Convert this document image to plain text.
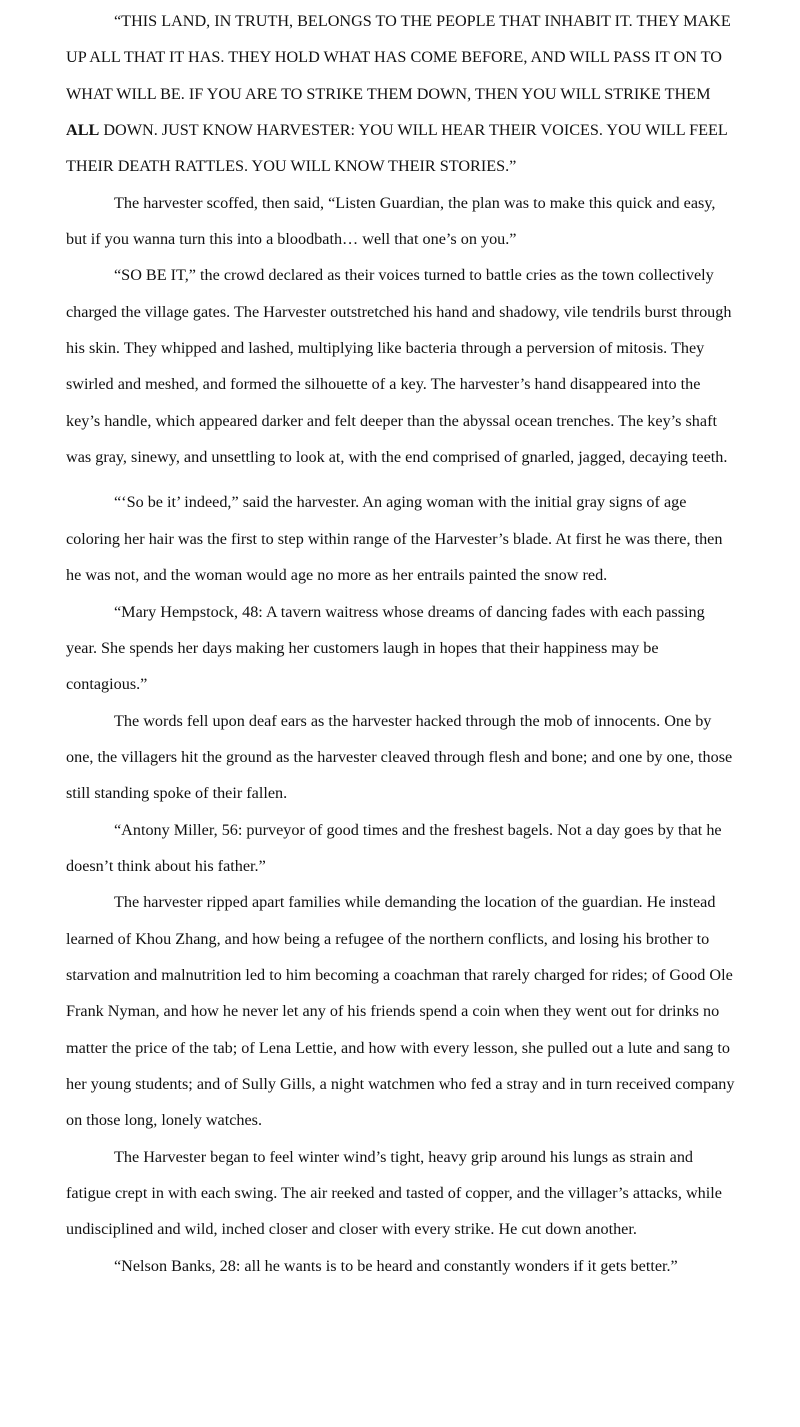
“THIS LAND, IN TRUTH, BELONGS TO THE PEOPLE THAT INHABIT IT. THEY MAKE UP ALL THAT IT HAS. THEY HOLD WHAT HAS COME BEFORE, AND WILL PASS IT ON TO WHAT WILL BE. IF YOU ARE TO STRIKE THEM DOWN, THEN YOU WILL STRIKE THEM ALL DOWN. JUST KNOW HARVESTER: YOU WILL HEAR THEIR VOICES. YOU WILL FEEL THEIR DEATH RATTLES. YOU WILL KNOW THEIR STORIES.”

The harvester scoffed, then said, “Listen Guardian, the plan was to make this quick and easy, but if you wanna turn this into a bloodbath… well that one’s on you.”

“SO BE IT,” the crowd declared as their voices turned to battle cries as the town collectively charged the village gates. The Harvester outstretched his hand and shadowy, vile tendrils burst through his skin. They whipped and lashed, multiplying like bacteria through a perversion of mitosis. They swirled and meshed, and formed the silhouette of a key. The harvester’s hand disappeared into the key’s handle, which appeared darker and felt deeper than the abyssal ocean trenches. The key’s shaft was gray, sinewy, and unsettling to look at, with the end comprised of gnarled, jagged, decaying teeth.

“‘So be it’ indeed,” said the harvester. An aging woman with the initial gray signs of age coloring her hair was the first to step within range of the Harvester’s blade. At first he was there, then he was not, and the woman would age no more as her entrails painted the snow red.

“Mary Hempstock, 48: A tavern waitress whose dreams of dancing fades with each passing year. She spends her days making her customers laugh in hopes that their happiness may be contagious.”

The words fell upon deaf ears as the harvester hacked through the mob of innocents. One by one, the villagers hit the ground as the harvester cleaved through flesh and bone; and one by one, those still standing spoke of their fallen.

“Antony Miller, 56: purveyor of good times and the freshest bagels. Not a day goes by that he doesn’t think about his father.”

The harvester ripped apart families while demanding the location of the guardian. He instead learned of Khou Zhang, and how being a refugee of the northern conflicts, and losing his brother to starvation and malnutrition led to him becoming a coachman that rarely charged for rides; of Good Ole Frank Nyman, and how he never let any of his friends spend a coin when they went out for drinks no matter the price of the tab; of Lena Lettie, and how with every lesson, she pulled out a lute and sang to her young students; and of Sully Gills, a night watchmen who fed a stray and in turn received company on those long, lonely watches.

The Harvester began to feel winter wind’s tight, heavy grip around his lungs as strain and fatigue crept in with each swing. The air reeked and tasted of copper, and the villager’s attacks, while undisciplined and wild, inched closer and closer with every strike. He cut down another.

“Nelson Banks, 28: all he wants is to be heard and constantly wonders if it gets better.”
